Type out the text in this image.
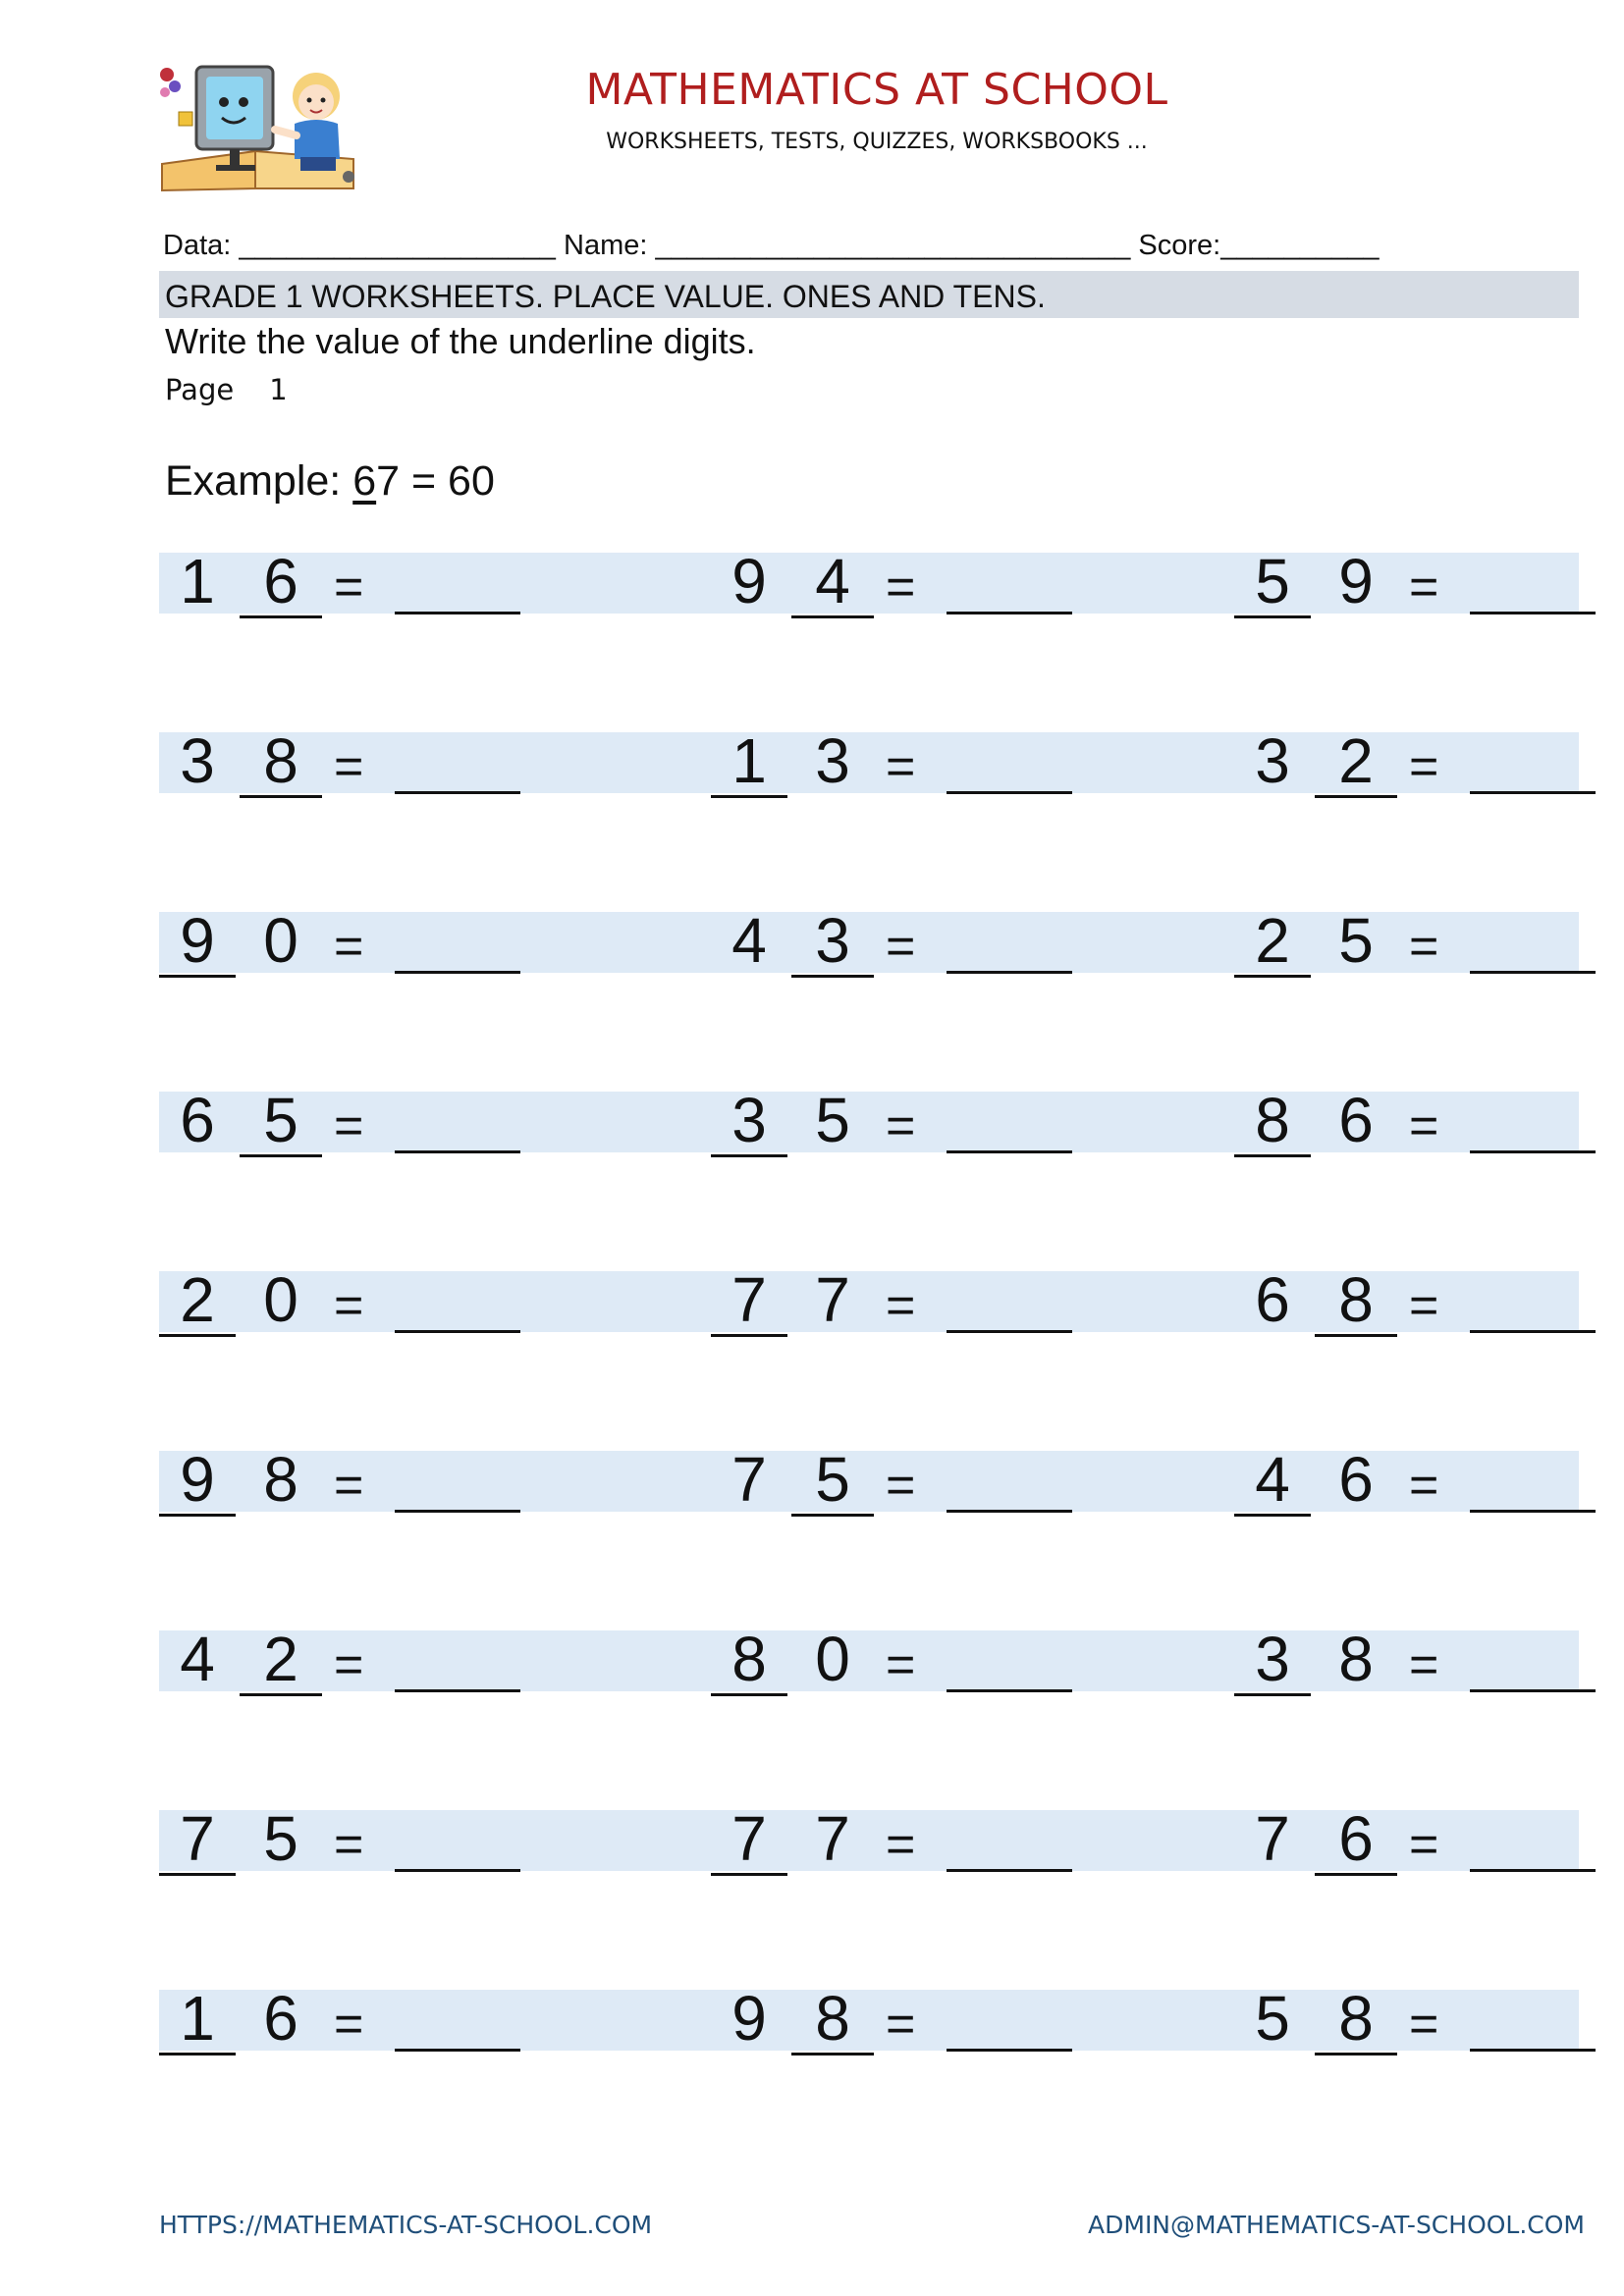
MATHEMATICS AT SCHOOL
WORKSHEETS, TESTS, QUIZZES, WORKSBOOKS ...
Data: ____________________ Name: ______________________________ Score:__________
GRADE 1 WORKSHEETS. PLACE VALUE. ONES AND TENS.
Write the value of the underline digits.
Page 1
Example: 67 = 60
1 6 =	9 4 =	5 9 =
3 8 =	1 3 =	3 2 =
9 0 =	4 3 =	2 5 =
6 5 =	3 5 =	8 6 =
2 0 =	7 7 =	6 8 =
9 8 =	7 5 =	4 6 =
4 2 =	8 0 =	3 8 =
7 5 =	7 7 =	7 6 =
1 6 =	9 8 =	5 8 =
HTTPS://MATHEMATICS-AT-SCHOOL.COM	ADMIN@MATHEMATICS-AT-SCHOOL.COM
